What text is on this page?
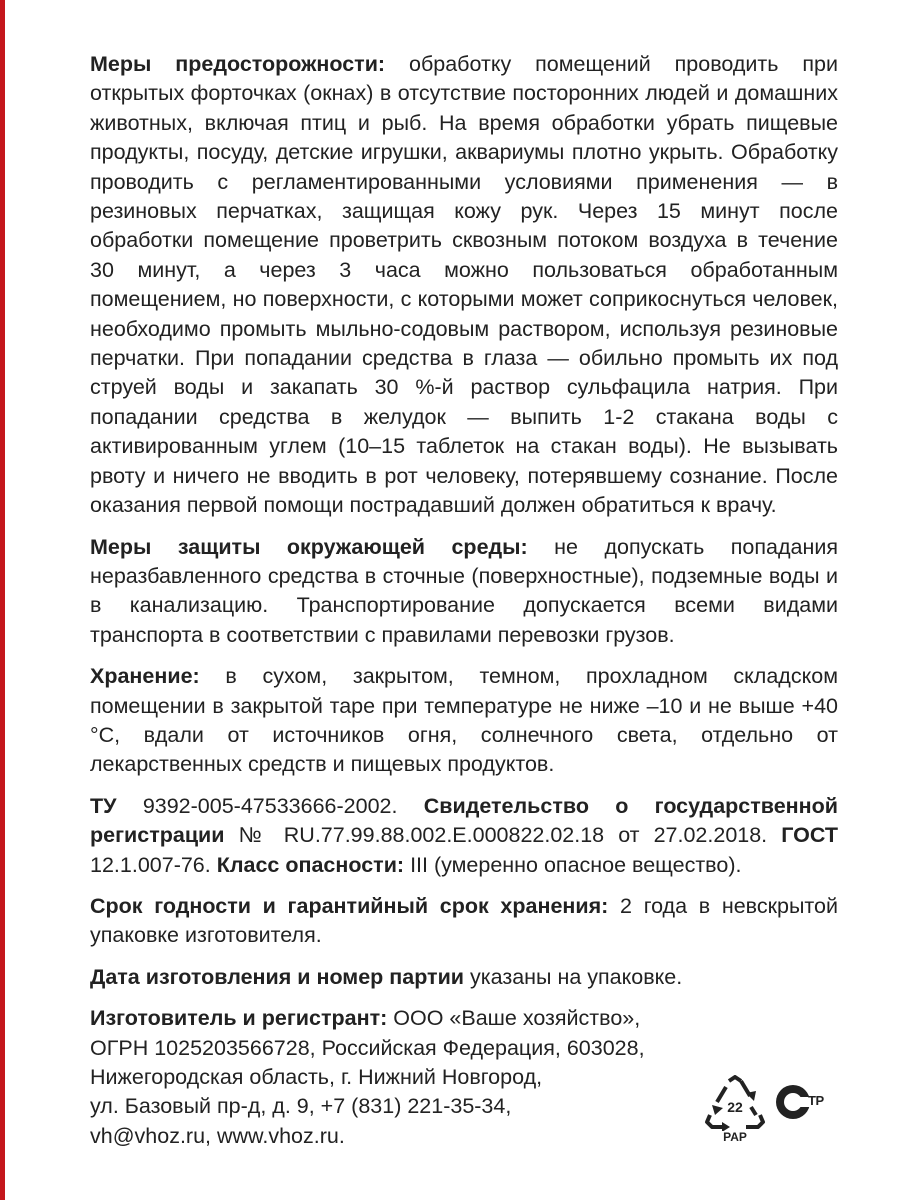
Меры предосторожности: обработку помещений проводить при открытых форточках (окнах) в отсутствие посторонних людей и домашних животных, включая птиц и рыб. На время обработки убрать пищевые продукты, посуду, детские игрушки, аквариумы плотно укрыть. Обработку проводить с регламентированными условиями применения — в резиновых перчатках, защищая кожу рук. Через 15 минут после обработки помещение проветрить сквозным потоком воздуха в течение 30 минут, а через 3 часа можно пользоваться обработанным помещением, но поверхности, с которыми может соприкоснуться человек, необходимо промыть мыльно-содовым раствором, используя резиновые перчатки. При попадании средства в глаза — обильно промыть их под струей воды и закапать 30 %-й раствор сульфацила натрия. При попадании средства в желудок — выпить 1-2 стакана воды с активированным углем (10–15 таблеток на стакан воды). Не вызывать рвоту и ничего не вводить в рот человеку, потерявшему сознание. После оказания первой помощи пострадавший должен обратиться к врачу.

Меры защиты окружающей среды: не допускать попадания неразбавленного средства в сточные (поверхностные), подземные воды и в канализацию. Транспортирование допускается всеми видами транспорта в соответствии с правилами перевозки грузов.

Хранение: в сухом, закрытом, темном, прохладном складском помещении в закрытой таре при температуре не ниже –10 и не выше +40 °С, вдали от источников огня, солнечного света, отдельно от лекарственных средств и пищевых продуктов.

ТУ 9392-005-47533666-2002. Свидетельство о государственной регистрации № RU.77.99.88.002.Е.000822.02.18 от 27.02.2018. ГОСТ 12.1.007-76. Класс опасности: III (умеренно опасное вещество).

Срок годности и гарантийный срок хранения: 2 года в невскрытой упаковке изготовителя.

Дата изготовления и номер партии указаны на упаковке.

Изготовитель и регистрант: ООО «Ваше хозяйство»,
ОГРН 1025203566728, Российская Федерация, 603028,
Нижегородская область, г. Нижний Новгород,
ул. Базовый пр-д, д. 9, +7 (831) 221-35-34,
vh@vhoz.ru, www.vhoz.ru.

22
PAP
ТР
